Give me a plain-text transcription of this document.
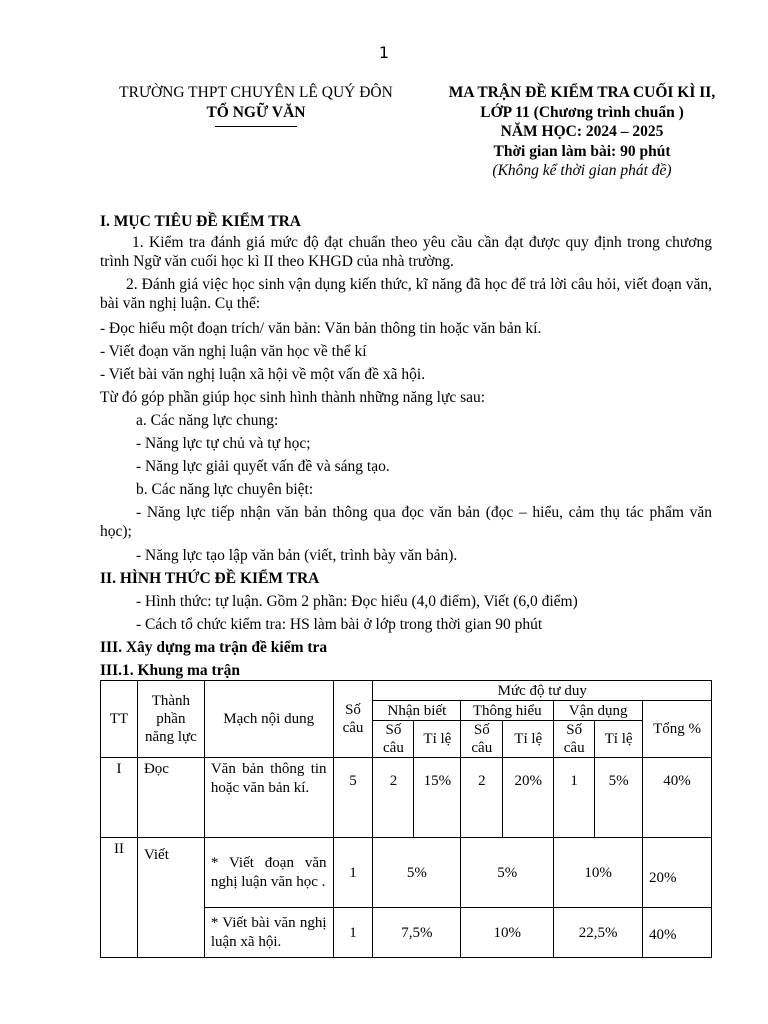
1
TRƯỜNG THPT CHUYÊN LÊ QUÝ ĐÔN
TỔ NGỮ VĂN
MA TRẬN ĐỀ KIỂM TRA CUỐI KÌ II,
LỚP 11 (Chương trình chuẩn )
NĂM HỌC: 2024 – 2025
Thời gian làm bài: 90 phút
(Không kể thời gian phát đề)
I. MỤC TIÊU ĐỀ KIỂM TRA
1. Kiểm tra đánh giá mức độ đạt chuẩn theo yêu cầu cần đạt được quy định trong chương trình Ngữ văn cuối học kì II theo KHGD của nhà trường.
2. Đánh giá việc học sinh vận dụng kiến thức, kĩ năng đã học để trả lời câu hỏi, viết đoạn văn, bài văn nghị luận. Cụ thể:
- Đọc hiểu một đoạn trích/ văn bản: Văn bản thông tin hoặc văn bản kí.
- Viết đoạn văn nghị luận văn học về thể kí
- Viết bài văn nghị luận xã hội về một vấn đề xã hội.
Từ đó góp phần giúp học sinh hình thành những năng lực sau:
a. Các năng lực chung:
- Năng lực tự chủ và tự học;
- Năng lực giải quyết vấn đề và sáng tạo.
b. Các năng lực chuyên biệt:
- Năng lực tiếp nhận văn bản thông qua đọc văn bản (đọc – hiểu, cảm thụ tác phẩm văn học);
- Năng lực tạo lập văn bản (viết, trình bày văn bản).
II. HÌNH THỨC ĐỀ KIỂM TRA
- Hình thức: tự luận. Gồm 2 phần: Đọc hiểu (4,0 điểm), Viết (6,0 điểm)
- Cách tổ chức kiểm tra: HS làm bài ở lớp trong thời gian 90 phút
III. Xây dựng ma trận đề kiểm tra
III.1. Khung ma trận
TT	Thành phần năng lực	Mạch nội dung	Số câu	Mức độ tư duy						
				Nhận biết		Thông hiểu		Vận dụng		Tổng %
				Số câu	Tỉ lệ	Số câu	Tỉ lệ	Số câu	Tỉ lệ	
I	Đọc	Văn bản thông tin hoặc văn bản kí.	5	2	15%	2	20%	1	5%	40%
II	Viết	* Viết đoạn văn nghị luận văn học .	1	5%		5%		10%		20%
		* Viết bài văn nghị luận xã hội.	1	7,5%		10%		22,5%		40%
